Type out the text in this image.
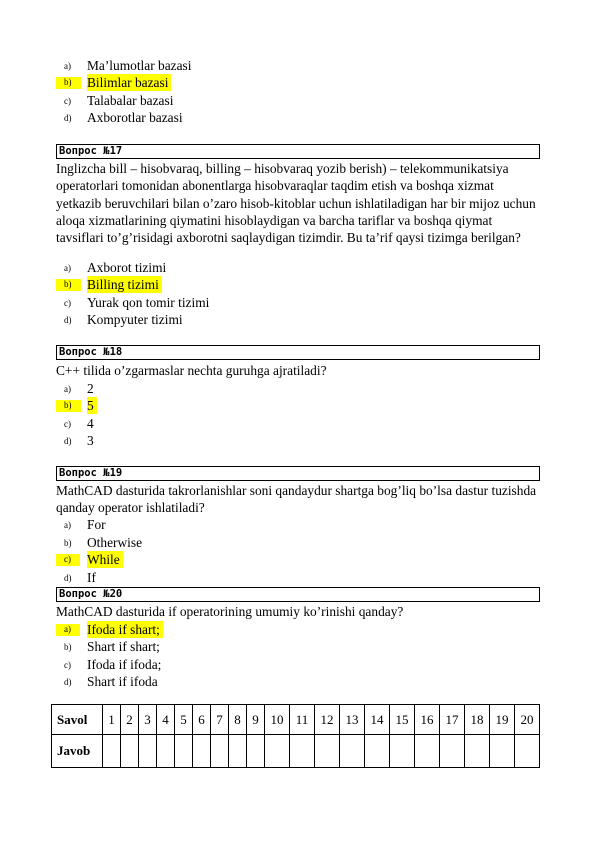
a) Ma’lumotlar bazasi
b)	Bilimlar bazasi
c) Talabalar bazasi
d) Axborotlar bazasi
Вопрос №17
Inglizcha bill – hisobvaraq, billing – hisobvaraq yozib berish) – telekommunikatsiya operatorlari tomonidan abonentlarga hisobvaraqlar taqdim etish va boshqa xizmat yetkazib beruvchilari bilan o’zaro hisob-kitoblar uchun ishlatiladigan har bir mijoz uchun aloqa xizmatlarining qiymatini hisoblaydigan va barcha tariflar va boshqa qiymat tavsiflari to’g’risidagi axborotni saqlaydigan tizimdir. Bu ta’rif qaysi tizimga berilgan?
a) Axborot tizimi
b)	Billing tizimi
c) Yurak qon tomir tizimi
d) Kompyuter tizimi
Вопрос №18
C++ tilida o’zgarmaslar nechta guruhga ajratiladi?
a) 2
b)	5
c) 4
d) 3
Вопрос №19
MathCAD dasturida takrorlanishlar soni qandaydur shartga bog’liq bo’lsa dastur tuzishda qanday operator ishlatiladi?
a) For
b) Otherwise
c)	While
d) If
Вопрос №20
MathCAD dasturida if operatorining umumiy ko’rinishi qanday?
a)	Ifoda if shart;
b) Shart if shart;
c) Ifoda if ifoda;
d) Shart if ifoda
Savol	1	2	3	4	5	6	7	8	9	10	11	12	13	14	15	16	17	18	19	20
Javob																				
